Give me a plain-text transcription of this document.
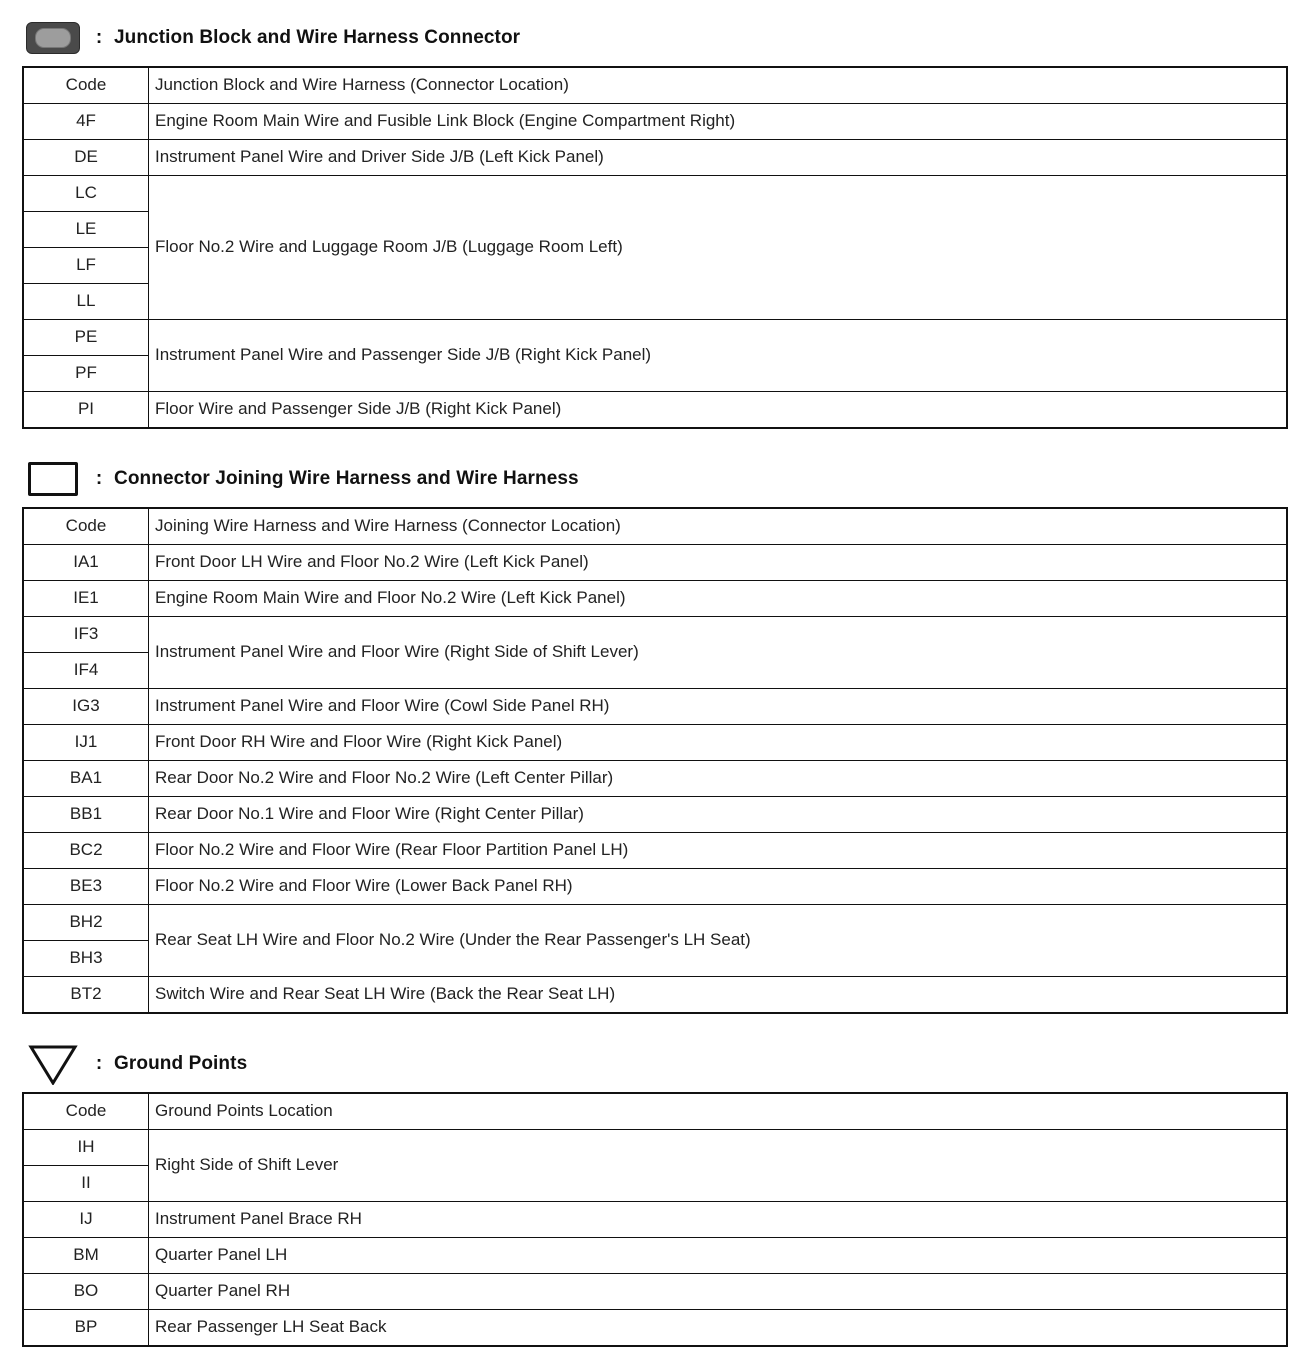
: Junction Block and Wire Harness Connector
Code	Junction Block and Wire Harness (Connector Location)
4F	Engine Room Main Wire and Fusible Link Block (Engine Compartment Right)
DE	Instrument Panel Wire and Driver Side J/B (Left Kick Panel)
LC	Floor No.2 Wire and Luggage Room J/B (Luggage Room Left)
LE	
LF	
LL	
PE	Instrument Panel Wire and Passenger Side J/B (Right Kick Panel)
PF	
PI	Floor Wire and Passenger Side J/B (Right Kick Panel)
: Connector Joining Wire Harness and Wire Harness
Code	Joining Wire Harness and Wire Harness (Connector Location)
IA1	Front Door LH Wire and Floor No.2 Wire (Left Kick Panel)
IE1	Engine Room Main Wire and Floor No.2 Wire (Left Kick Panel)
IF3	Instrument Panel Wire and Floor Wire (Right Side of Shift Lever)
IF4	
IG3	Instrument Panel Wire and Floor Wire (Cowl Side Panel RH)
IJ1	Front Door RH Wire and Floor Wire (Right Kick Panel)
BA1	Rear Door No.2 Wire and Floor No.2 Wire (Left Center Pillar)
BB1	Rear Door No.1 Wire and Floor Wire (Right Center Pillar)
BC2	Floor No.2 Wire and Floor Wire (Rear Floor Partition Panel LH)
BE3	Floor No.2 Wire and Floor Wire (Lower Back Panel RH)
BH2	Rear Seat LH Wire and Floor No.2 Wire (Under the Rear Passenger's LH Seat)
BH3	
BT2	Switch Wire and Rear Seat LH Wire (Back the Rear Seat LH)
: Ground Points
Code	Ground Points Location
IH	Right Side of Shift Lever
II	
IJ	Instrument Panel Brace RH
BM	Quarter Panel LH
BO	Quarter Panel RH
BP	Rear Passenger LH Seat Back
